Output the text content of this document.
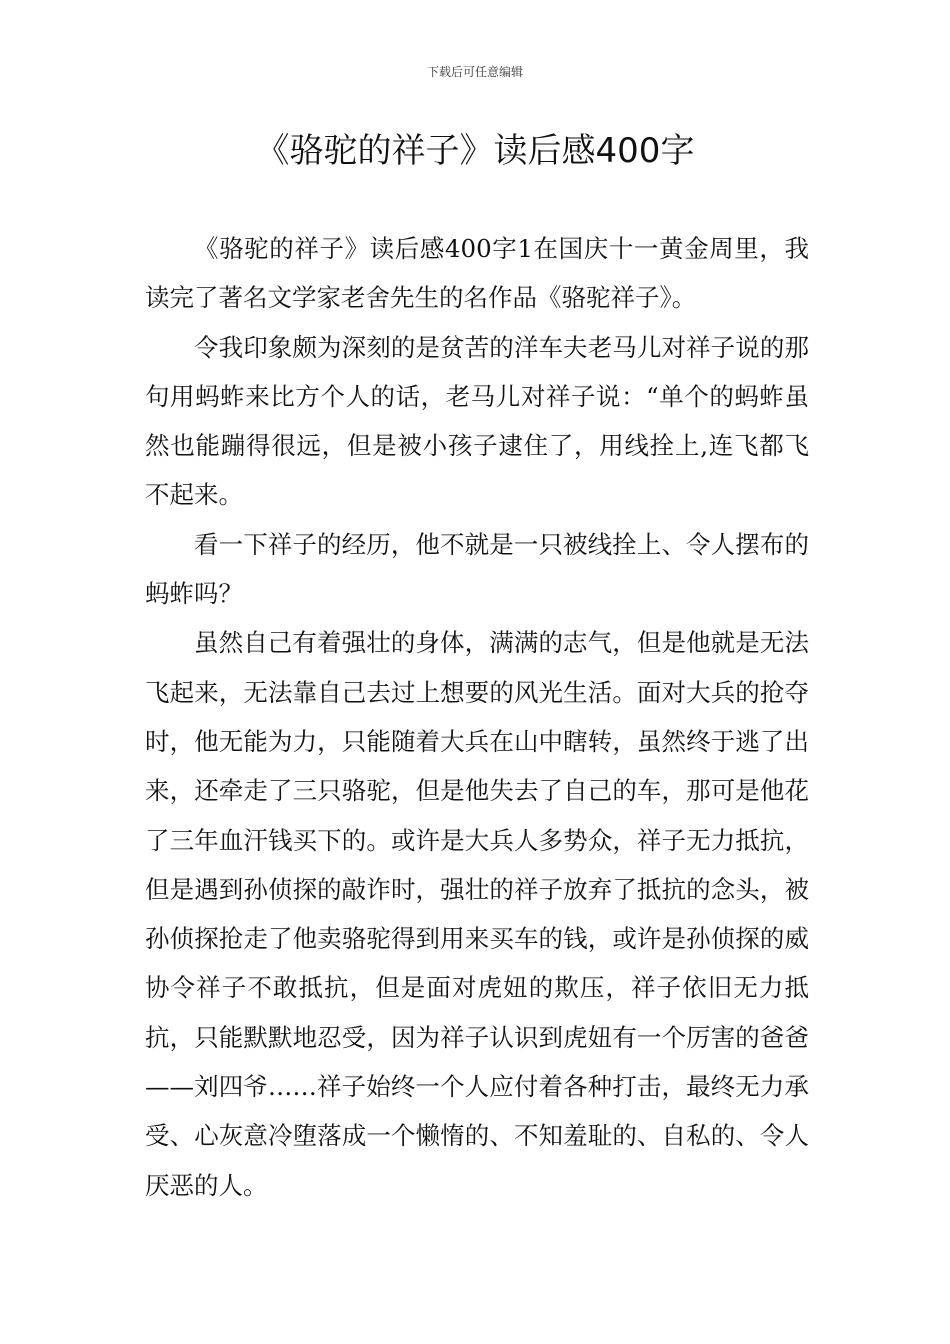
下载后可任意编辑
《骆驼的祥子》读后感400字

《骆驼的祥子》读后感400字1在国庆十一黄金周里，我读完了著名文学家老舍先生的名作品《骆驼祥子》。

令我印象颇为深刻的是贫苦的洋车夫老马儿对祥子说的那句用蚂蚱来比方个人的话，老马儿对祥子说：“单个的蚂蚱虽然也能蹦得很远，但是被小孩子逮住了，用线拴上,连飞都飞不起来。

看一下祥子的经历，他不就是一只被线拴上、令人摆布的蚂蚱吗？

虽然自己有着强壮的身体，满满的志气，但是他就是无法飞起来，无法靠自己去过上想要的风光生活。面对大兵的抢夺时，他无能为力，只能随着大兵在山中瞎转，虽然终于逃了出来，还牵走了三只骆驼，但是他失去了自己的车，那可是他花了三年血汗钱买下的。或许是大兵人多势众，祥子无力抵抗，但是遇到孙侦探的敲诈时，强壮的祥子放弃了抵抗的念头，被孙侦探抢走了他卖骆驼得到用来买车的钱，或许是孙侦探的威协令祥子不敢抵抗，但是面对虎妞的欺压，祥子依旧无力抵抗，只能默默地忍受，因为祥子认识到虎妞有一个厉害的爸爸——刘四爷……祥子始终一个人应付着各种打击，最终无力承受、心灰意冷堕落成一个懒惰的、不知羞耻的、自私的、令人厌恶的人。
